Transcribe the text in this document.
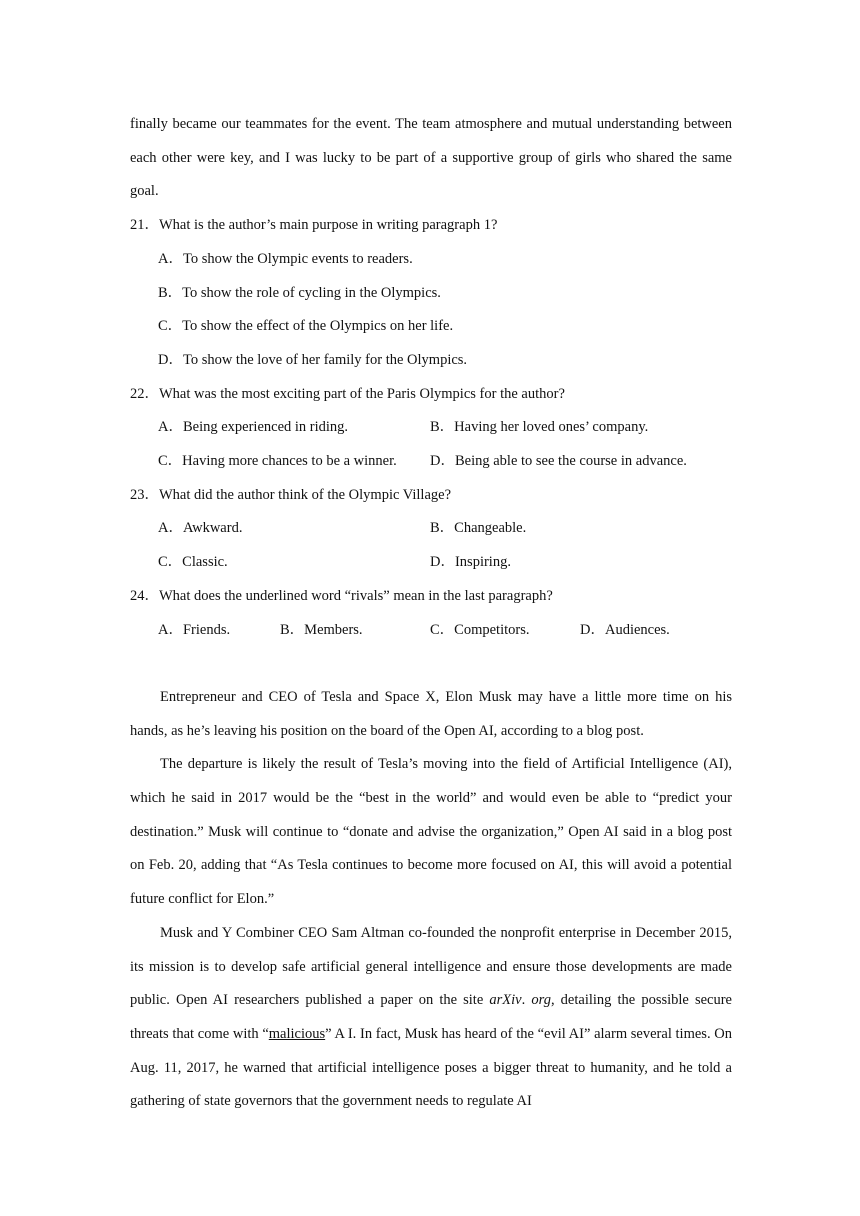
finally became our teammates for the event. The team atmosphere and mutual understanding between each other were key, and I was lucky to be part of a supportive group of girls who shared the same goal.

21．What is the author’s main purpose in writing paragraph 1?

A．To show the Olympic events to readers.

B．To show the role of cycling in the Olympics.

C．To show the effect of the Olympics on her life.

D．To show the love of her family for the Olympics.

22．What was the most exciting part of the Paris Olympics for the author?

A．Being experienced in riding.	B．Having her loved ones’ company.
C．Having more chances to be a winner.	D．Being able to see the course in advance.

23．What did the author think of the Olympic Village?

A．Awkward.	B．Changeable.
C．Classic.	D．Inspiring.

24．What does the underlined word “rivals” mean in the last paragraph?

A．Friends.	B．Members.	C．Competitors.	D．Audiences.

Entrepreneur and CEO of Tesla and Space X, Elon Musk may have a little more time on his hands, as he’s leaving his position on the board of the Open AI, according to a blog post.

The departure is likely the result of Tesla’s moving into the field of Artificial Intelligence (AI), which he said in 2017 would be the “best in the world” and would even be able to “predict your destination.” Musk will continue to “donate and advise the organization,” Open AI said in a blog post on Feb. 20, adding that “As Tesla continues to become more focused on AI, this will avoid a potential future conflict for Elon.”

Musk and Y Combiner CEO Sam Altman co-founded the nonprofit enterprise in December 2015, its mission is to develop safe artificial general intelligence and ensure those developments are made public. Open AI researchers published a paper on the site arXiv. org, detailing the possible secure threats that come with “malicious” A I. In fact, Musk has heard of the “evil AI” alarm several times. On Aug. 11, 2017, he warned that artificial intelligence poses a bigger threat to humanity, and he told a gathering of state governors that the government needs to regulate AI
